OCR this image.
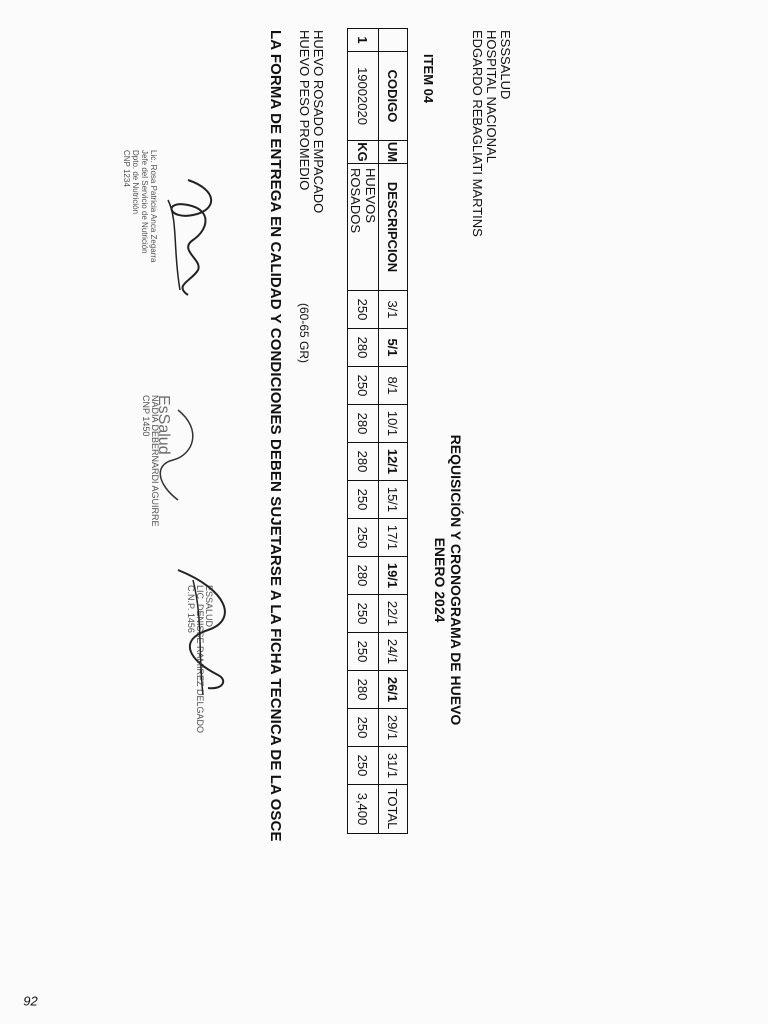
ESSSALUD
HOSPITAL NACIONAL
EDGARDO REBAGLIATI MARTINS
ITEM 04
REQUISICIÓN Y CRONOGRAMA DE HUEVO
ENERO 2024
	CODIGO	UM	DESCRIPCION	3/1	5/1	8/1	10/1	12/1	15/1	17/1	19/1	22/1	24/1	26/1	29/1	31/1	TOTAL
1	19002020	KG	HUEVOS ROSADOS	250	280	250	280	280	250	250	280	250	250	280	250	250	3,400
HUEVO ROSADO EMPACADO
HUEVO PESO PROMEDIO
(60-65 GR)
LA FORMA DE ENTREGA EN CALIDAD Y CONDICIONES DEBEN SUJETARSE A LA FICHA TECNICA DE LA OSCE
Lic. Rosa Patricia Anca Zegarra
Jefe del Servicio de Nutrición
Dpto. de Nutrición
CNP 1234
EsSalud
NADIA DEBERNARDI AGUIRRE
CNP 1450
ESSALUD
LIC. DENISSE RAMIREZ DELGADO
C.N.P. 1456
92
